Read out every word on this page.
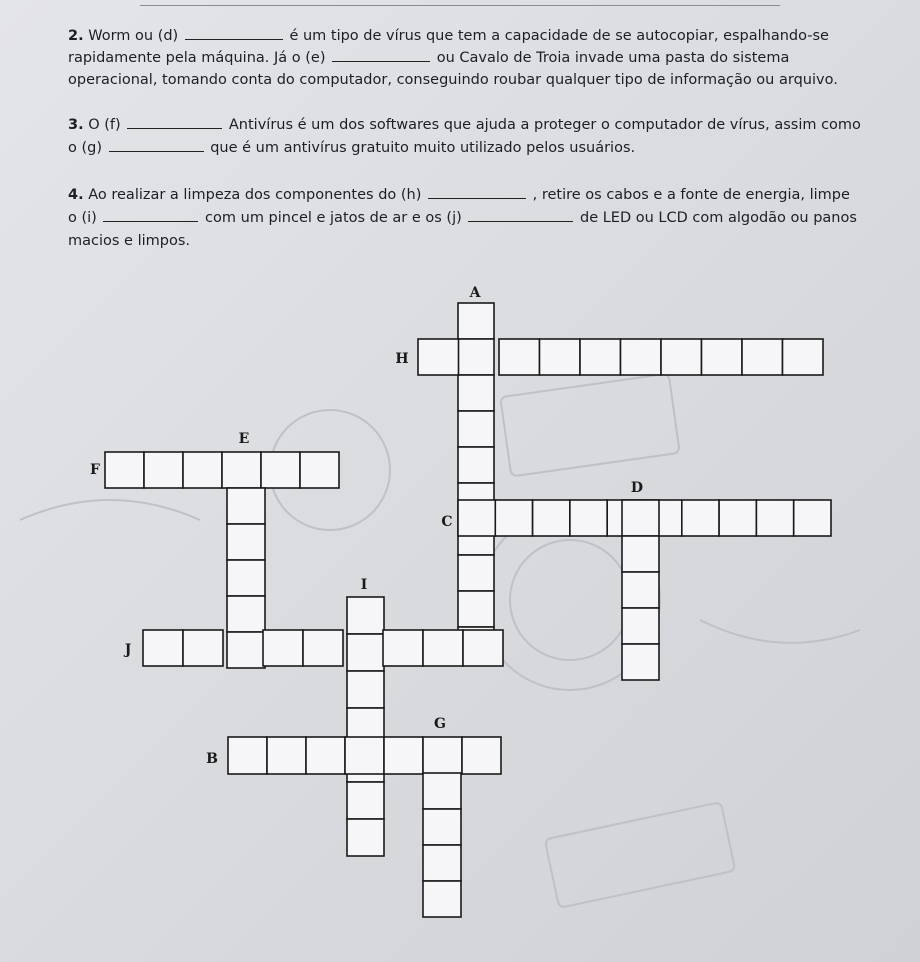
2. Worm ou (d)	é um tipo de vírus que tem a capacidade de se autocopiar, espalhando-se
rapidamente pela máquina. Já o (e)	ou Cavalo de Troia invade uma pasta do sistema
operacional, tomando conta do computador, conseguindo roubar qualquer tipo de informação ou arquivo.
3. O (f)	Antivírus é um dos softwares que ajuda a proteger o computador de vírus, assim como
o (g)	que é um antivírus gratuito muito utilizado pelos usuários.
4. Ao realizar a limpeza dos componentes do (h)	, retire os cabos e a fonte de energia, limpe
o (i)	com um pincel e jatos de ar e os (j)	de LED ou LCD com algodão ou panos
macios e limpos.
A
H
E
F
D
C
I
J
G
B
